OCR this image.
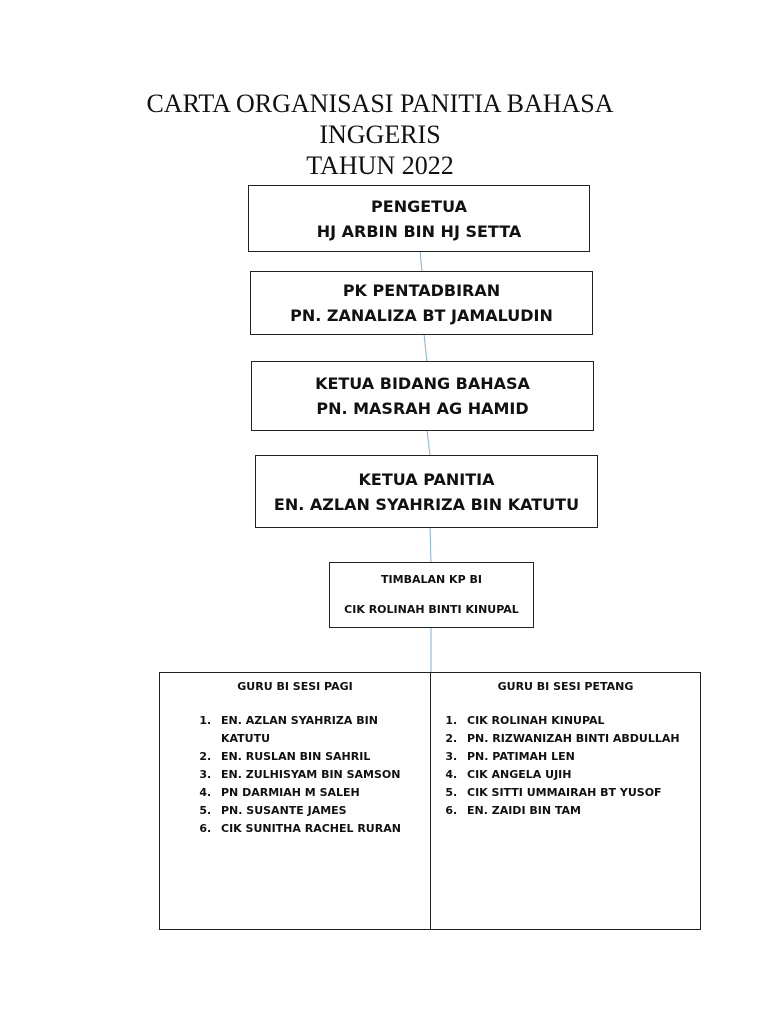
CARTA ORGANISASI PANITIA BAHASA
INGGERIS
TAHUN 2022
PENGETUA
HJ ARBIN BIN HJ SETTA
PK PENTADBIRAN
PN. ZANALIZA BT JAMALUDIN
KETUA BIDANG BAHASA
PN. MASRAH AG HAMID
KETUA PANITIA
EN. AZLAN SYAHRIZA BIN KATUTU
TIMBALAN KP BI
CIK ROLINAH BINTI KINUPAL
GURU BI SESI PAGI
1. EN. AZLAN SYAHRIZA BIN KATUTU
2. EN. RUSLAN BIN SAHRIL
3. EN. ZULHISYAM BIN SAMSON
4. PN DARMIAH M SALEH
5. PN. SUSANTE JAMES
6. CIK SUNITHA RACHEL RURAN
GURU BI SESI PETANG
1. CIK ROLINAH KINUPAL
2. PN. RIZWANIZAH BINTI ABDULLAH
3. PN. PATIMAH LEN
4. CIK ANGELA UJIH
5. CIK SITTI UMMAIRAH BT YUSOF
6. EN. ZAIDI BIN TAM
